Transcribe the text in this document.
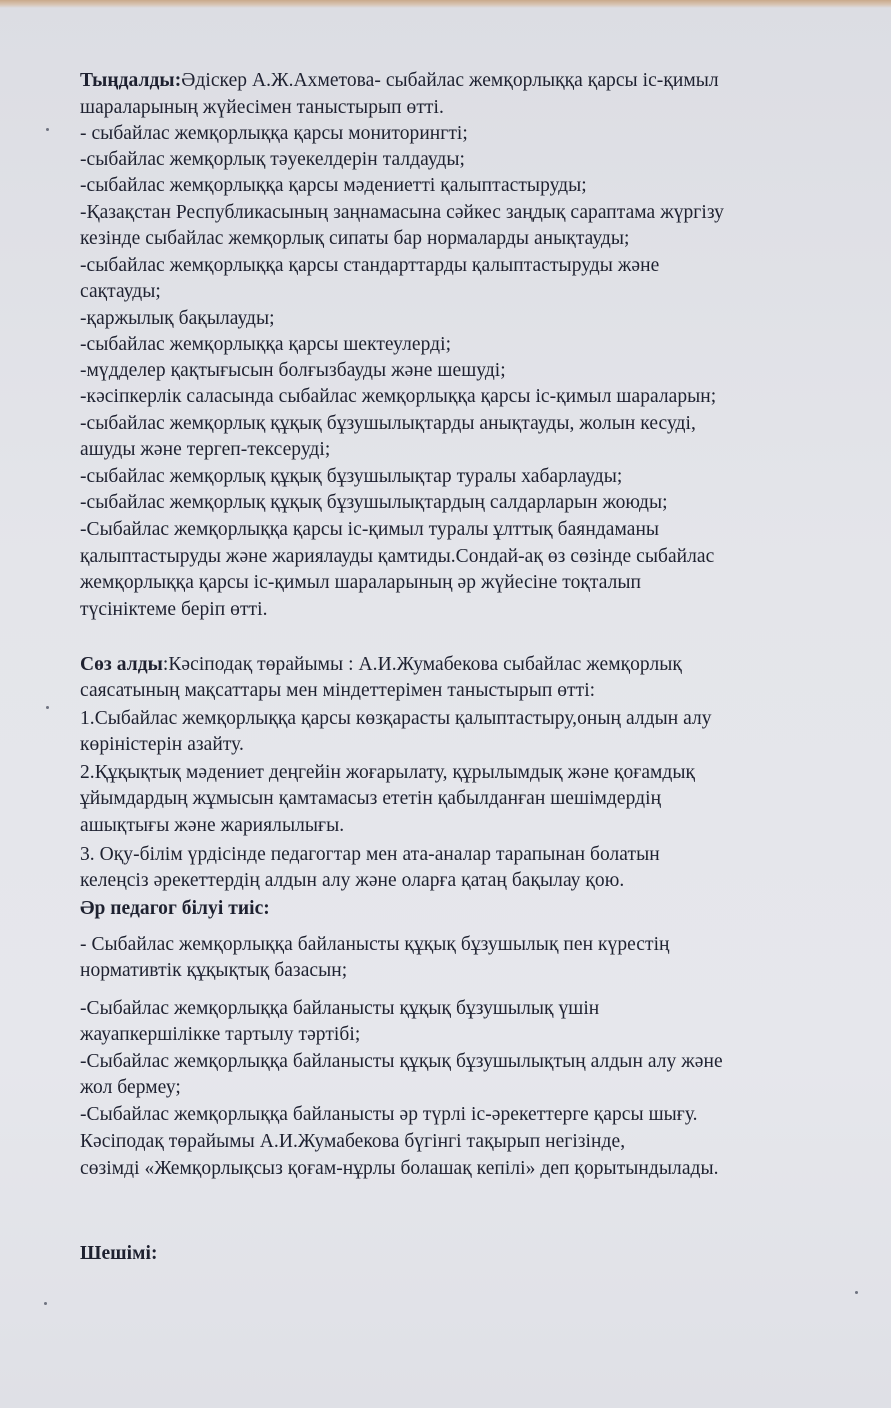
Тыңдалды:Әдіскер А.Ж.Ахметова- сыбайлас жемқорлыққа қарсы іс-қимыл
шараларының жүйесімен таныстырып өтті.
- сыбайлас жемқорлыққа қарсы мониторингті;
-сыбайлас жемқорлық тәуекелдерін талдауды;
-сыбайлас жемқорлыққа қарсы мәдениетті қалыптастыруды;
-Қазақстан Республикасының заңнамасына сәйкес заңдық сараптама жүргізу
кезінде сыбайлас жемқорлық сипаты бар нормаларды анықтауды;
-сыбайлас жемқорлыққа қарсы стандарттарды қалыптастыруды және
сақтауды;
-қаржылық бақылауды;
-сыбайлас жемқорлыққа қарсы шектеулерді;
-мүдделер қақтығысын болғызбауды және шешуді;
-кәсіпкерлік саласында сыбайлас жемқорлыққа қарсы іс-қимыл шараларын;
-сыбайлас жемқорлық құқық бұзушылықтарды анықтауды, жолын кесуді,
ашуды және тергеп-тексеруді;
-сыбайлас жемқорлық құқық бұзушылықтар туралы хабарлауды;
-сыбайлас жемқорлық құқық бұзушылықтардың салдарларын жоюды;
-Сыбайлас жемқорлыққа қарсы іс-қимыл туралы ұлттық баяндаманы
қалыптастыруды және жариялауды қамтиды.Сондай-ақ өз сөзінде сыбайлас
жемқорлыққа қарсы іс-қимыл шараларының әр жүйесіне тоқталып
түсініктеме беріп өтті.
Сөз алды:Кәсіподақ төрайымы : А.И.Жумабекова сыбайлас жемқорлық
саясатының мақсаттары мен міндеттерімен таныстырып өтті:
1.Сыбайлас жемқорлыққа қарсы көзқарасты қалыптастыру,оның алдын алу
көріністерін азайту.
2.Құқықтық мәдениет деңгейін жоғарылату, құрылымдық және қоғамдық
ұйымдардың жұмысын қамтамасыз ететін қабылданған шешімдердің
ашықтығы және жариялылығы.
3. Оқу-білім үрдісінде педагогтар мен ата-аналар тарапынан болатын
келеңсіз әрекеттердің алдын алу және оларға қатаң бақылау қою.
Әр педагог білуі тиіс:
- Сыбайлас жемқорлыққа байланысты құқық бұзушылық пен күрестің
нормативтік құқықтық базасын;
-Сыбайлас жемқорлыққа байланысты құқық бұзушылық үшін
жауапкершілікке тартылу тәртібі;
-Сыбайлас жемқорлыққа байланысты құқық бұзушылықтың алдын алу және
жол бермеу;
-Сыбайлас жемқорлыққа байланысты әр түрлі іс-әрекеттерге қарсы шығу.
Кәсіподақ төрайымы А.И.Жумабекова бүгінгі тақырып негізінде,
сөзімді «Жемқорлықсыз қоғам-нұрлы болашақ кепілі» деп қорытындылады.
Шешімі:
